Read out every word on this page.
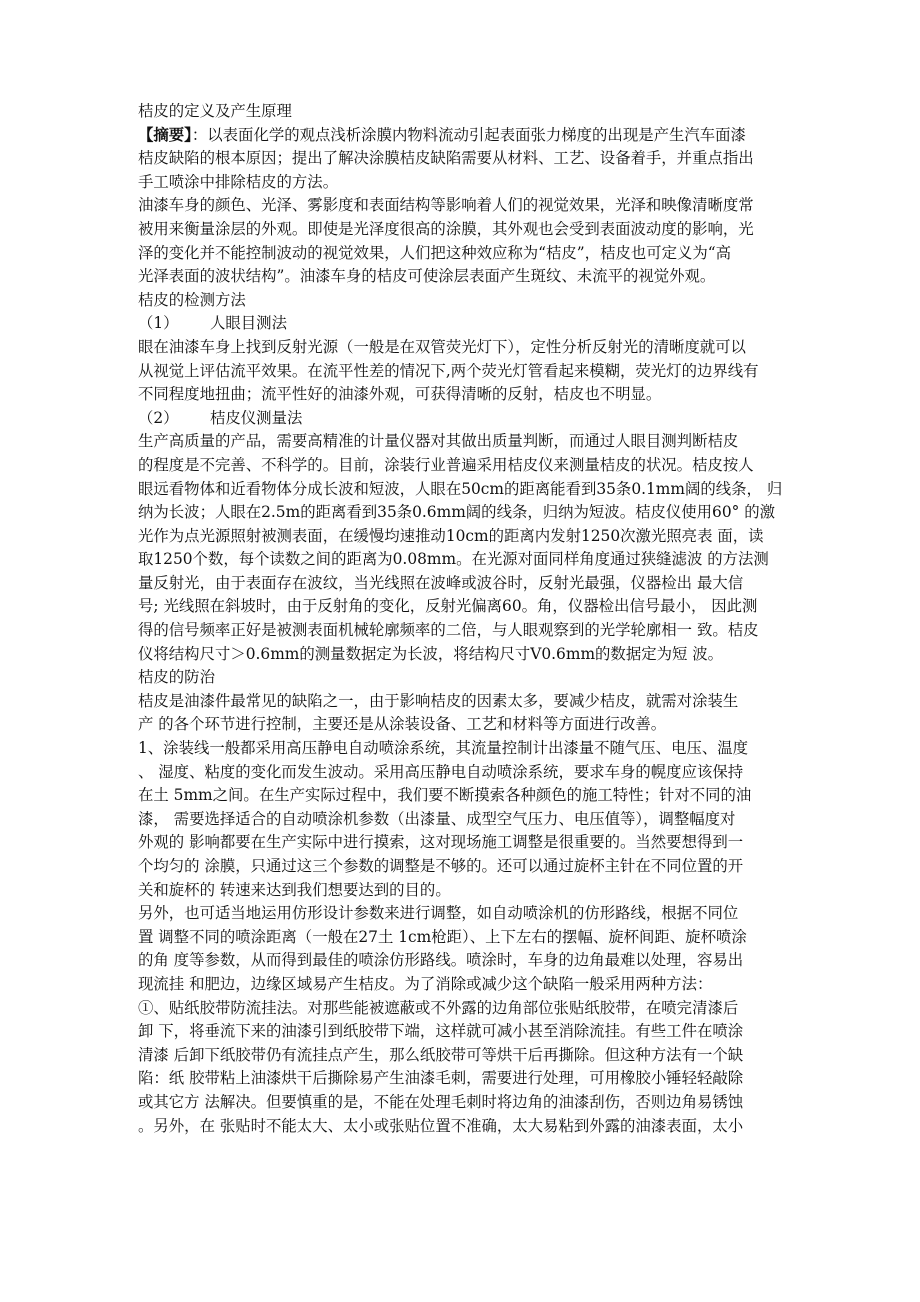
桔皮的定义及产生原理
【摘要】：以表面化学的观点浅析涂膜内物料流动引起表面张力梯度的出现是产生汽车面漆
桔皮缺陷的根本原因；提出了解决涂膜桔皮缺陷需要从材料、工艺、设备着手，并重点指出
手工喷涂中排除桔皮的方法。
油漆车身的颜色、光泽、雾影度和表面结构等影响着人们的视觉效果，光泽和映像清晰度常
被用来衡量涂层的外观。即使是光泽度很高的涂膜，其外观也会受到表面波动度的影响，光
泽的变化并不能控制波动的视觉效果，人们把这种效应称为“桔皮”，桔皮也可定义为“高
光泽表面的波状结构”。油漆车身的桔皮可使涂层表面产生斑纹、未流平的视觉外观。
桔皮的检测方法
（1） 人眼目测法
眼在油漆车身上找到反射光源（一般是在双管荧光灯下），定性分析反射光的清晰度就可以
从视觉上评估流平效果。在流平性差的情况下,两个荧光灯管看起来模糊，荧光灯的边界线有
不同程度地扭曲；流平性好的油漆外观，可获得清晰的反射，桔皮也不明显。
（2） 桔皮仪测量法
生产高质量的产品，需要高精准的计量仪器对其做出质量判断，而通过人眼目测判断桔皮
的程度是不完善、不科学的。目前，涂装行业普遍采用桔皮仪来测量桔皮的状况。桔皮按人
眼远看物体和近看物体分成长波和短波，人眼在50cm的距离能看到35条0.1mm阔的线条， 归
纳为长波；人眼在2.5m的距离看到35条0.6mm阔的线条，归纳为短波。桔皮仪使用60° 的激
光作为点光源照射被测表面，在缓慢均速推动10cm的距离内发射1250次激光照亮表 面，读
取1250个数，每个读数之间的距离为0.08mm。在光源对面同样角度通过狭缝滤波 的方法测
量反射光，由于表面存在波纹，当光线照在波峰或波谷时，反射光最强，仪器检出 最大信
号; 光线照在斜坡时，由于反射角的变化，反射光偏离60。角，仪器检出信号最小， 因此测
得的信号频率正好是被测表面机械轮廓频率的二倍，与人眼观察到的光学轮廓相一 致。桔皮
仪将结构尺寸＞0.6mm的测量数据定为长波，将结构尺寸V0.6mm的数据定为短 波。
桔皮的防治
桔皮是油漆件最常见的缺陷之一，由于影响桔皮的因素太多，要减少桔皮，就需对涂装生
产 的各个环节进行控制，主要还是从涂装设备、工艺和材料等方面进行改善。
1、涂装线一般都采用高压静电自动喷涂系统，其流量控制计出漆量不随气压、电压、温度
、 湿度、粘度的变化而发生波动。采用高压静电自动喷涂系统，要求车身的幌度应该保持
在土 5mm之间。在生产实际过程中，我们要不断摸索各种颜色的施工特性；针对不同的油
漆， 需要选择适合的自动喷涂机参数（出漆量、成型空气压力、电压值等），调整幅度对
外观的 影响都要在生产实际中进行摸索，这对现场施工调整是很重要的。当然要想得到一
个均匀的 涂膜，只通过这三个参数的调整是不够的。还可以通过旋杯主针在不同位置的开
关和旋杯的 转速来达到我们想要达到的目的。
另外，也可适当地运用仿形设计参数来进行调整，如自动喷涂机的仿形路线，根据不同位
置 调整不同的喷涂距离（一般在27土 1cm枪距）、上下左右的摆幅、旋杯间距、旋杯喷涂
的角 度等参数，从而得到最佳的喷涂仿形路线。喷涂时，车身的边角最难以处理，容易出
现流挂 和肥边，边缘区域易产生桔皮。为了消除或减少这个缺陷一般采用两种方法：
①、贴纸胶带防流挂法。对那些能被遮蔽或不外露的边角部位张贴纸胶带，在喷完清漆后
卸 下，将垂流下来的油漆引到纸胶带下端，这样就可减小甚至消除流挂。有些工件在喷涂
清漆 后卸下纸胶带仍有流挂点产生，那么纸胶带可等烘干后再撕除。但这种方法有一个缺
陷：纸 胶带粘上油漆烘干后撕除易产生油漆毛刺，需要进行处理，可用橡胶小锤轻轻敲除
或其它方 法解决。但要慎重的是，不能在处理毛刺时将边角的油漆刮伤，否则边角易锈蚀
。另外，在 张贴时不能太大、太小或张贴位置不准确，太大易粘到外露的油漆表面，太小
